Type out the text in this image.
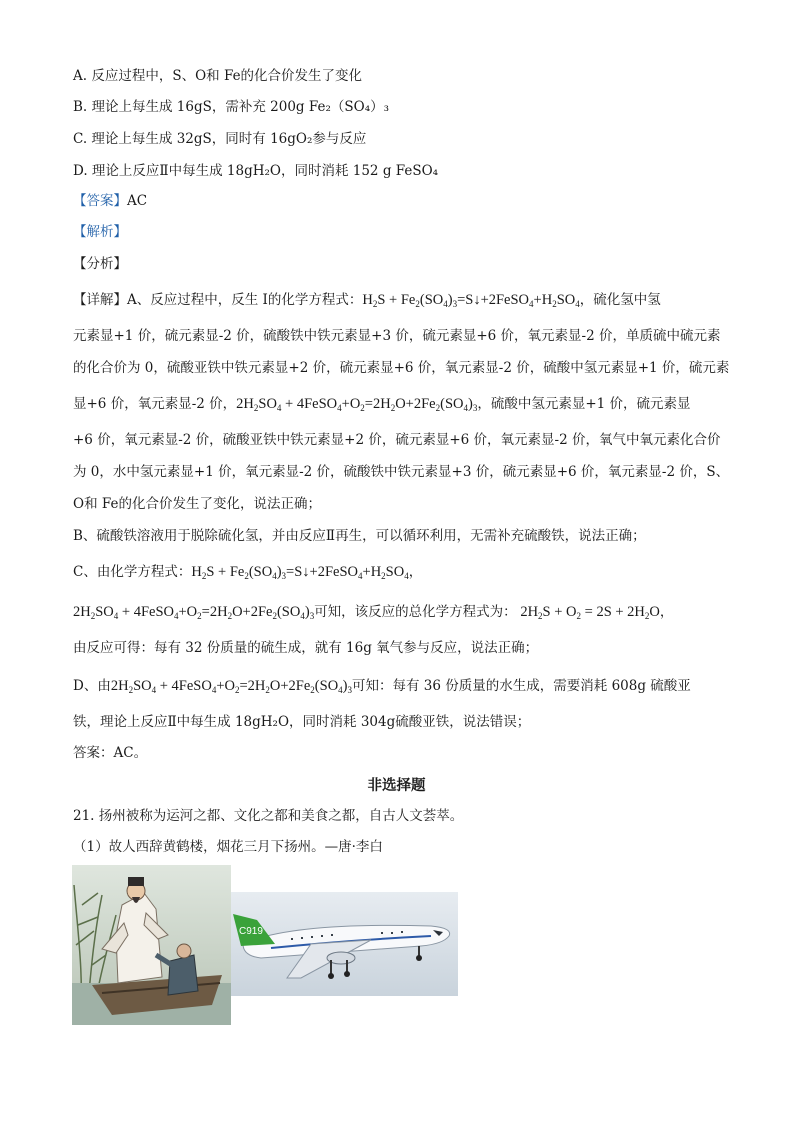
A. 反应过程中，S、O和 Fe的化合价发生了变化
B. 理论上每生成 16gS，需补充 200g Fe₂（SO₄）₃
C. 理论上每生成 32gS，同时有 16gO₂参与反应
D. 理论上反应Ⅱ中每生成 18gH₂O，同时消耗 152 g FeSO₄
【答案】AC
【解析】
【分析】
【详解】A、反应过程中，反生 I的化学方程式：$H_2S$ + $Fe_2(SO_4)_3=S↓+2FeSO_4+H_2SO_4$，硫化氢中氢
元素显+1 价，硫元素显-2 价，硫酸铁中铁元素显+3 价，硫元素显+6 价，氧元素显-2 价，单质硫中硫元素
的化合价为 0，硫酸亚铁中铁元素显+2 价，硫元素显+6 价，氧元素显-2 价，硫酸中氢元素显+1 价，硫元素
显+6 价，氧元素显-2 价，$2H_2SO_4$ + $4FeSO_4+O_2=2H_2O+2Fe_2(SO_4)_3$，硫酸中氢元素显+1 价，硫元素显
+6 价，氧元素显-2 价，硫酸亚铁中铁元素显+2 价，硫元素显+6 价，氧元素显-2 价，氧气中氧元素化合价
为 0，水中氢元素显+1 价，氧元素显-2 价，硫酸铁中铁元素显+3 价，硫元素显+6 价，氧元素显-2 价，S、
O和 Fe的化合价发生了变化，说法正确；
B、硫酸铁溶液用于脱除硫化氢，并由反应Ⅱ再生，可以循环利用，无需补充硫酸铁，说法正确；
C、由化学方程式：$H_2S$ + $Fe_2(SO_4)_3=S↓+2FeSO_4+H_2SO_4$，
$2H_2SO_4$ + $4FeSO_4+O_2=2H_2O+2Fe_2(SO_4)_3$可知，该反应的总化学方程式为： $2H_2S + O_2 = 2S + 2H_2O$，
由反应可得：每有 32 份质量的硫生成，就有 16g 氧气参与反应，说法正确；
D、由$2H_2SO_4$ + $4FeSO_4+O_2=2H_2O+2Fe_2(SO_4)_3$可知：每有 36 份质量的水生成，需要消耗 608g 硫酸亚
铁，理论上反应Ⅱ中每生成 18gH₂O，同时消耗 304g硫酸亚铁，说法错误；
答案：AC。
非选择题
21. 扬州被称为运河之都、文化之都和美食之都，自古人文荟萃。
（1）故人西辞黄鹤楼，烟花三月下扬州。—唐·李白
C919
